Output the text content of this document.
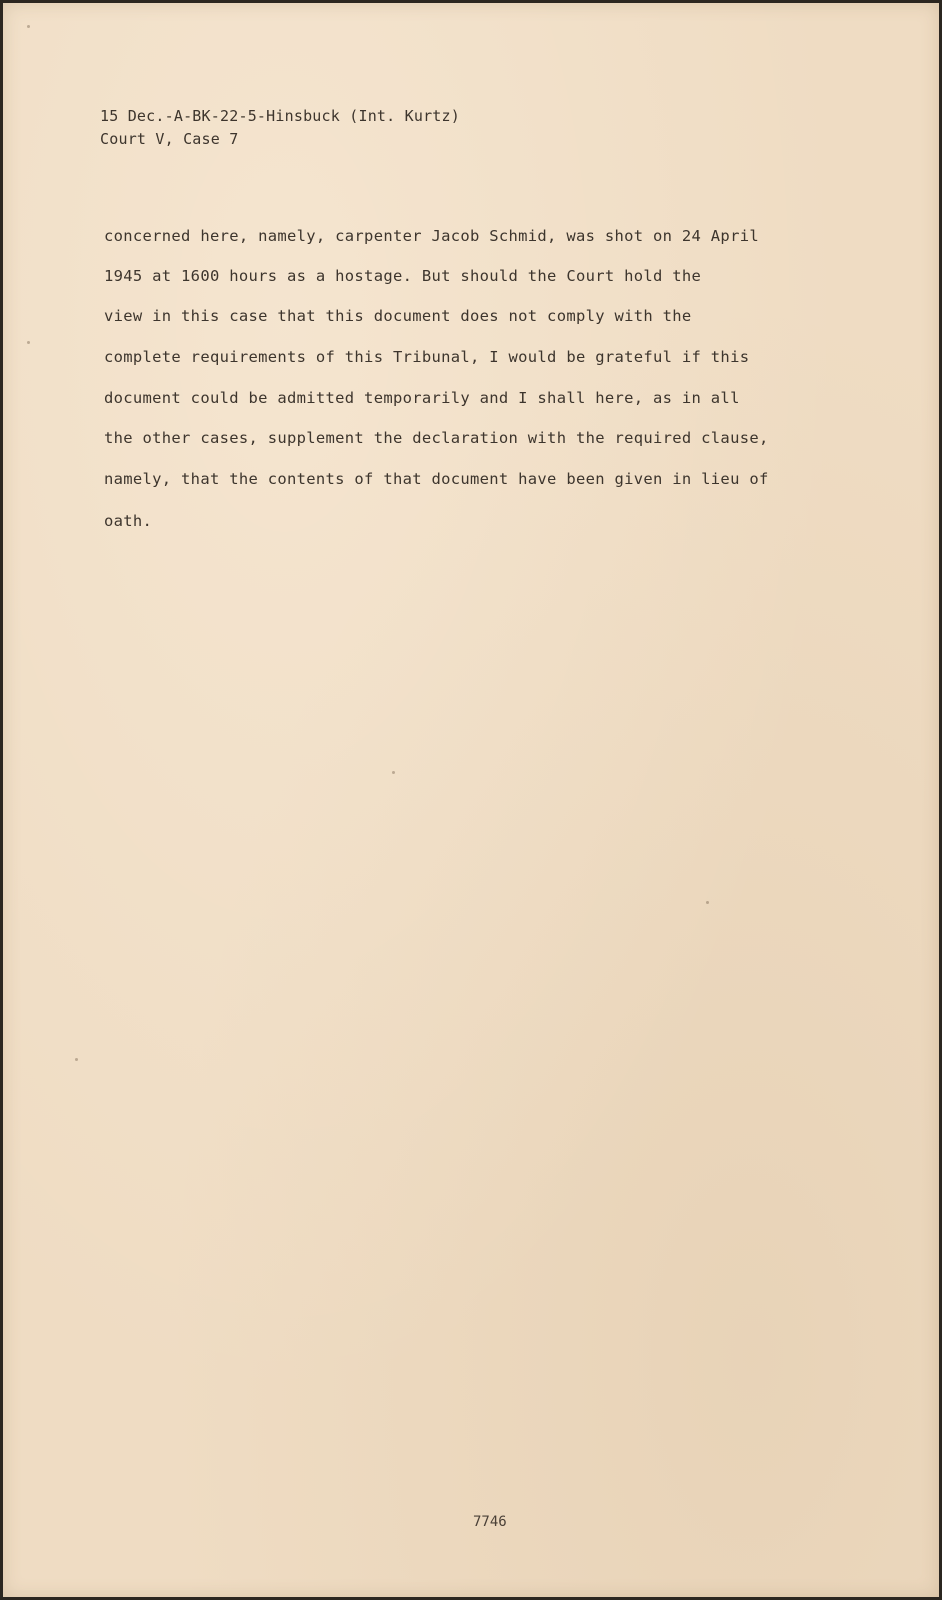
15 Dec.-A-BK-22-5-Hinsbuck (Int. Kurtz)
Court V, Case 7
concerned here, namely, carpenter Jacob Schmid, was shot on 24 April
1945 at 1600 hours as a hostage. But should the Court hold the
view in this case that this document does not comply with the
complete requirements of this Tribunal, I would be grateful if this
document could be admitted temporarily and I shall here, as in all
the other cases, supplement the declaration with the required clause,
namely, that the contents of that document have been given in lieu of
oath.
7746
